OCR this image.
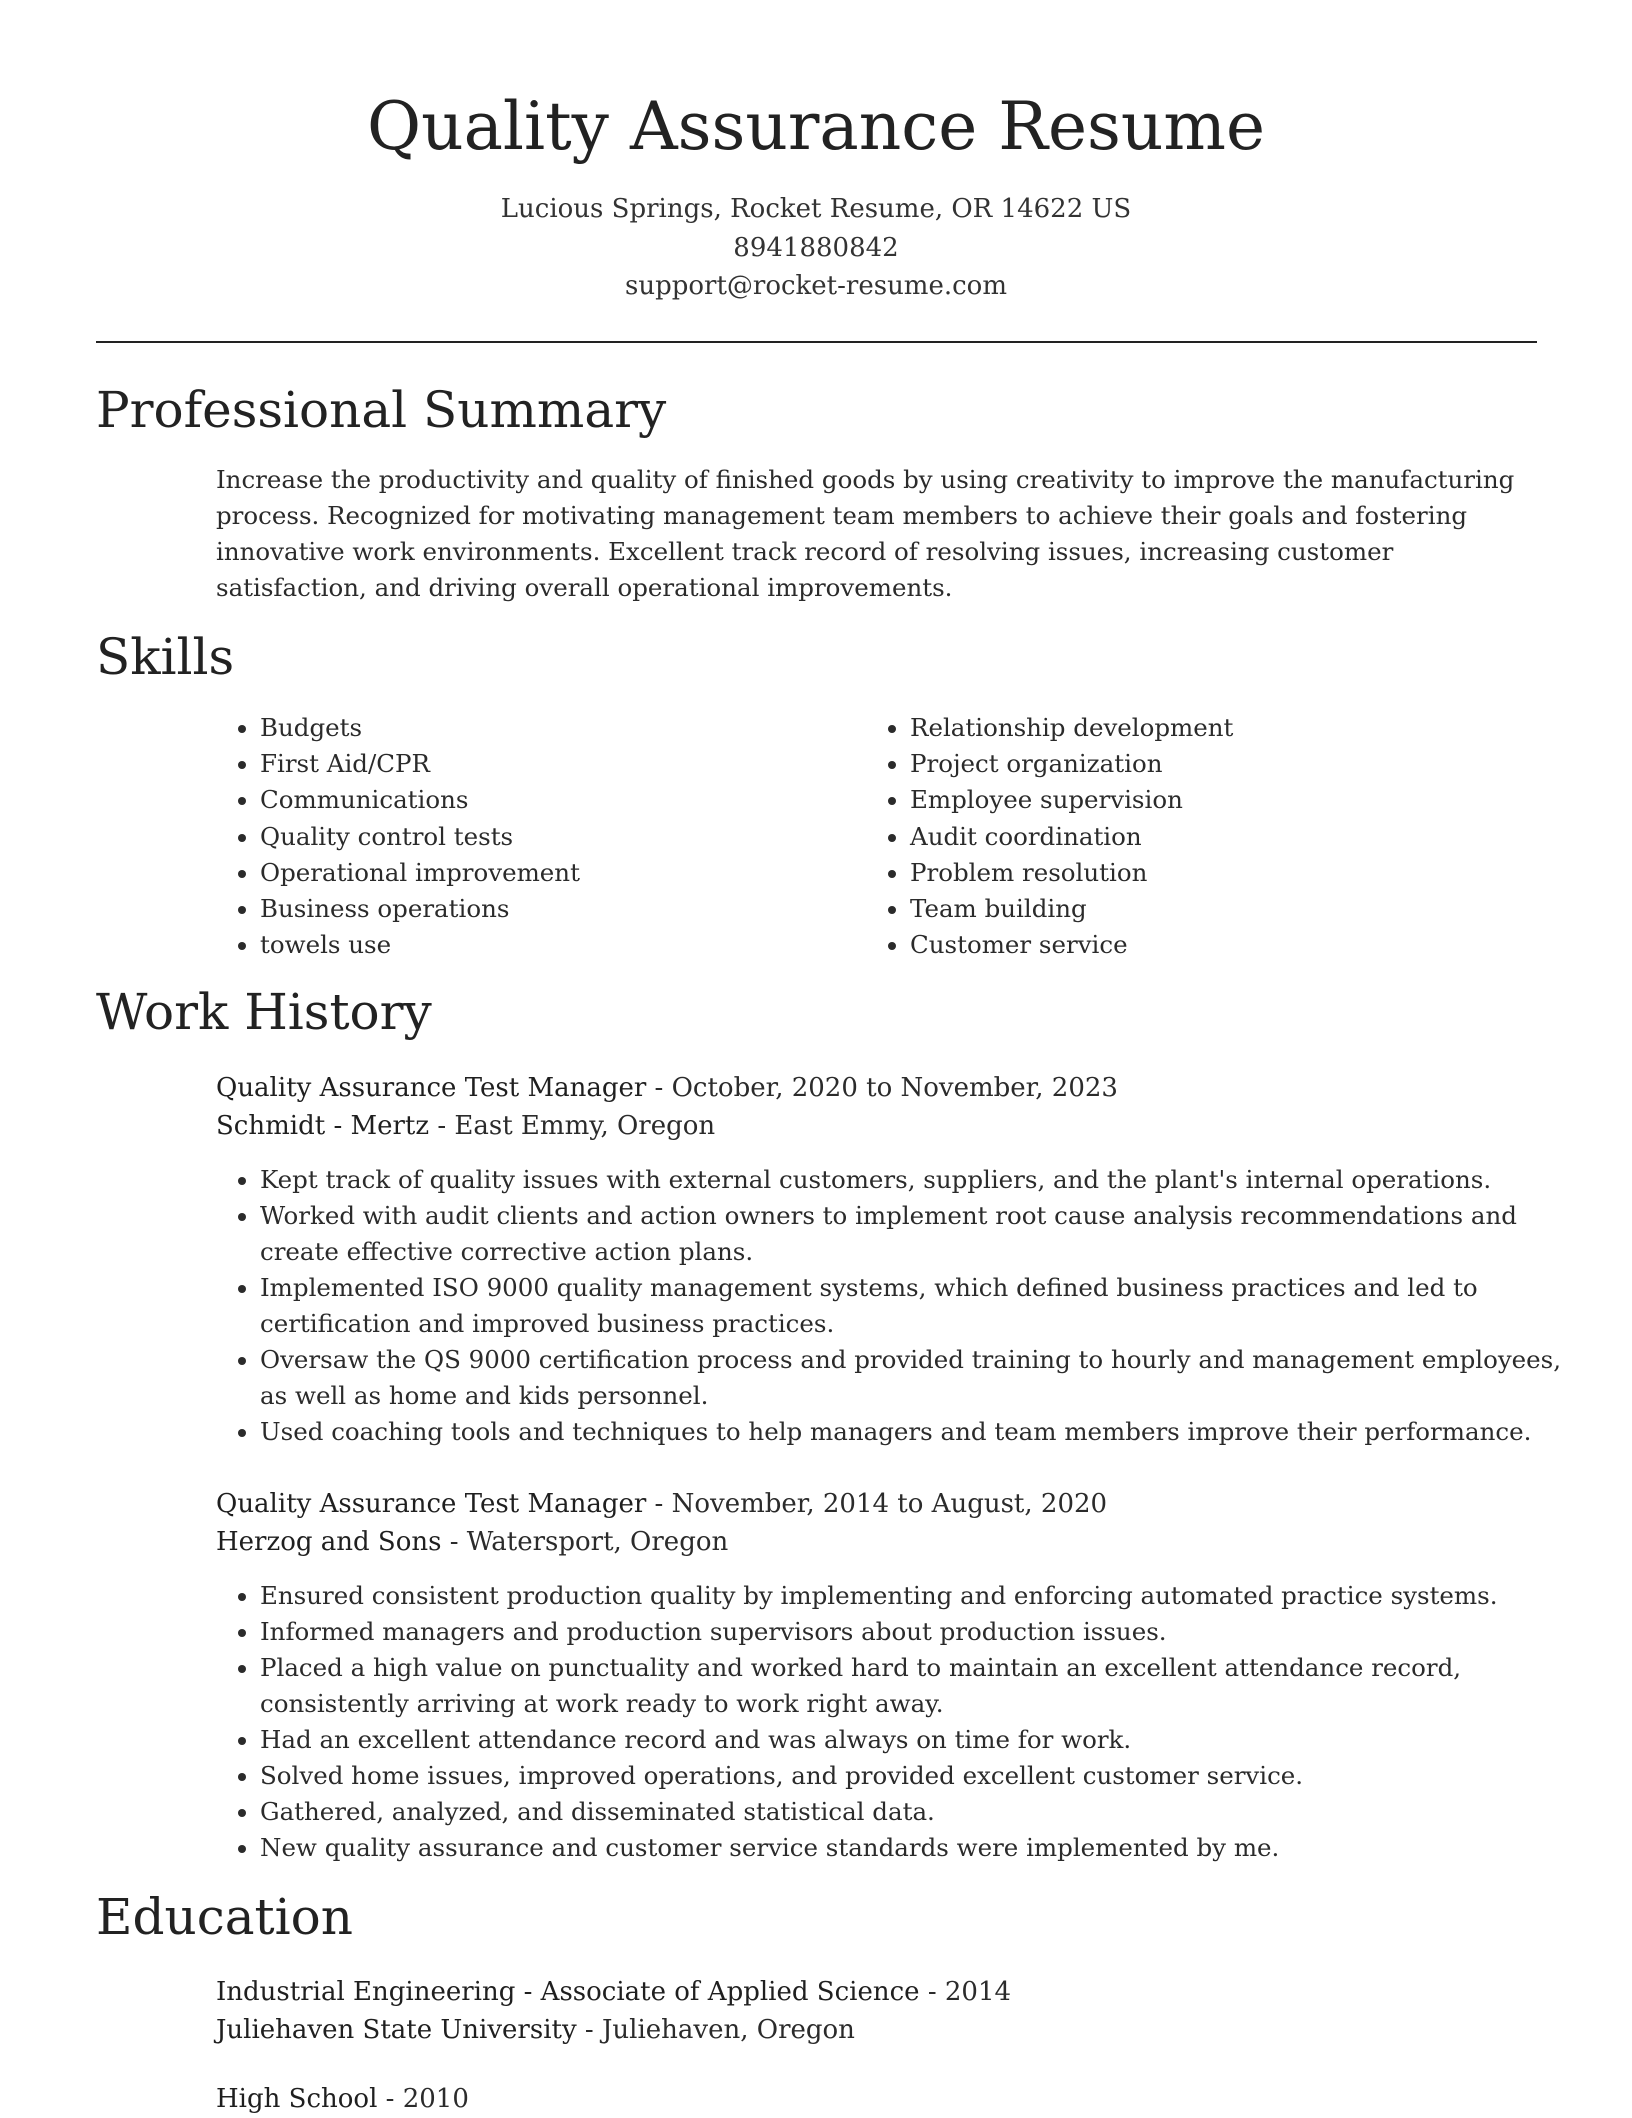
Quality Assurance Resume
Lucious Springs, Rocket Resume, OR 14622 US
8941880842
support@rocket-resume.com
Professional Summary
Increase the productivity and quality of finished goods by using creativity to improve the manufacturing process. Recognized for motivating management team members to achieve their goals and fostering innovative work environments. Excellent track record of resolving issues, increasing customer satisfaction, and driving overall operational improvements.
Skills
• Budgets
• First Aid/CPR
• Communications
• Quality control tests
• Operational improvement
• Business operations
• towels use
• Relationship development
• Project organization
• Employee supervision
• Audit coordination
• Problem resolution
• Team building
• Customer service
Work History
Quality Assurance Test Manager - October, 2020 to November, 2023
Schmidt - Mertz - East Emmy, Oregon
• Kept track of quality issues with external customers, suppliers, and the plant's internal operations.
• Worked with audit clients and action owners to implement root cause analysis recommendations and create effective corrective action plans.
• Implemented ISO 9000 quality management systems, which defined business practices and led to certification and improved business practices.
• Oversaw the QS 9000 certification process and provided training to hourly and management employees, as well as home and kids personnel.
• Used coaching tools and techniques to help managers and team members improve their performance.
Quality Assurance Test Manager - November, 2014 to August, 2020
Herzog and Sons - Watersport, Oregon
• Ensured consistent production quality by implementing and enforcing automated practice systems.
• Informed managers and production supervisors about production issues.
• Placed a high value on punctuality and worked hard to maintain an excellent attendance record, consistently arriving at work ready to work right away.
• Had an excellent attendance record and was always on time for work.
• Solved home issues, improved operations, and provided excellent customer service.
• Gathered, analyzed, and disseminated statistical data.
• New quality assurance and customer service standards were implemented by me.
Education
Industrial Engineering - Associate of Applied Science - 2014
Juliehaven State University - Juliehaven, Oregon
High School - 2010
